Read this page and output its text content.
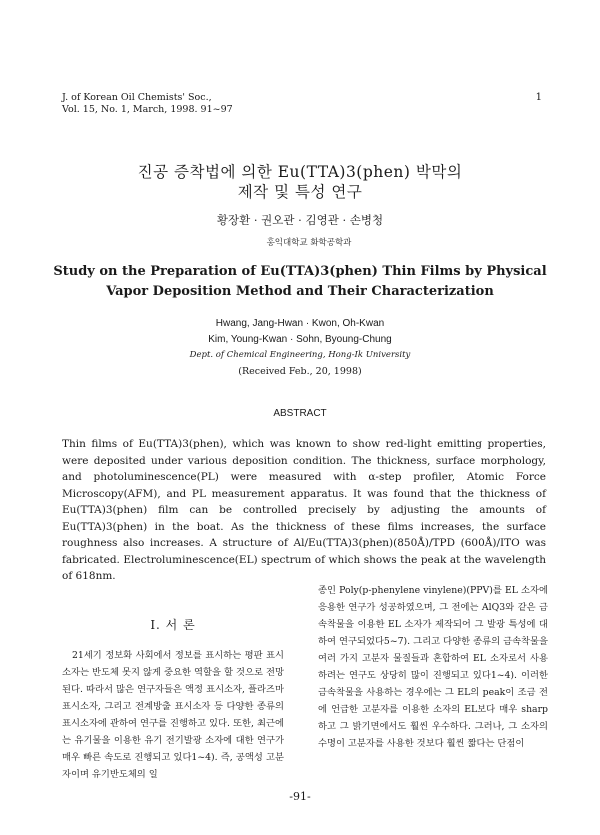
J. of Korean Oil Chemists' Soc.,
Vol. 15, No. 1, March, 1998. 91~97
1
진공 증착법에 의한 Eu(TTA)3(phen) 박막의
제작 및 특성 연구
황장환 · 권오관 · 김영관 · 손병청
홍익대학교 화학공학과
Study on the Preparation of Eu(TTA)3(phen) Thin Films by Physical
Vapor Deposition Method and Their Characterization
Hwang, Jang-Hwan · Kwon, Oh-Kwan
Kim, Young-Kwan · Sohn, Byoung-Chung
Dept. of Chemical Engineering, Hong-Ik University
(Received Feb., 20, 1998)
ABSTRACT

Thin films of Eu(TTA)3(phen), which was known to show red-light emitting properties, were deposited under various deposition condition. The thickness, surface morphology, and photoluminescence(PL) were measured with α-step profiler, Atomic Force Microscopy(AFM), and PL measurement apparatus. It was found that the thickness of Eu(TTA)3(phen) film can be controlled precisely by adjusting the amounts of Eu(TTA)3(phen) in the boat. As the thickness of these films increases, the surface roughness also increases. A structure of Al/Eu(TTA)3(phen)(850Å)/TPD (600Å)/ITO was fabricated. Electroluminescence(EL) spectrum of which shows the peak at the wavelength of 618nm.

I. 서 론

21세기 정보화 사회에서 정보를 표시하는 평판 표시소자는 반도체 못지 않게 중요한 역할을 할 것으로 전망된다. 따라서 많은 연구자들은 액정 표시소자, 플라즈마 표시소자, 그리고 전계방출 표시소자 등 다양한 종류의 표시소자에 관하여 연구를 진행하고 있다. 또한, 최근에는 유기물을 이용한 유기 전기발광 소자에 대한 연구가 매우 빠른 속도로 진행되고 있다1~4). 즉, 공액성 고분자이며 유기반도체의 일

종인 Poly(p-phenylene vinylene)(PPV)를 EL 소자에 응용한 연구가 성공하였으며, 그 전에는 AlQ3와 같은 금속착물을 이용한 EL 소자가 제작되어 그 발광 특성에 대하여 연구되었다5~7). 그리고 다양한 종류의 금속착물을 여러 가지 고분자 물질들과 혼합하여 EL 소자로서 사용하려는 연구도 상당히 많이 진행되고 있다1~4). 이러한 금속착물을 사용하는 경우에는 그 EL의 peak이 조금 전에 언급한 고분자를 이용한 소자의 EL보다 매우 sharp하고 그 밝기면에서도 훨씬 우수하다. 그러나, 그 소자의 수명이 고분자를 사용한 것보다 훨씬 짧다는 단점이

-91-
